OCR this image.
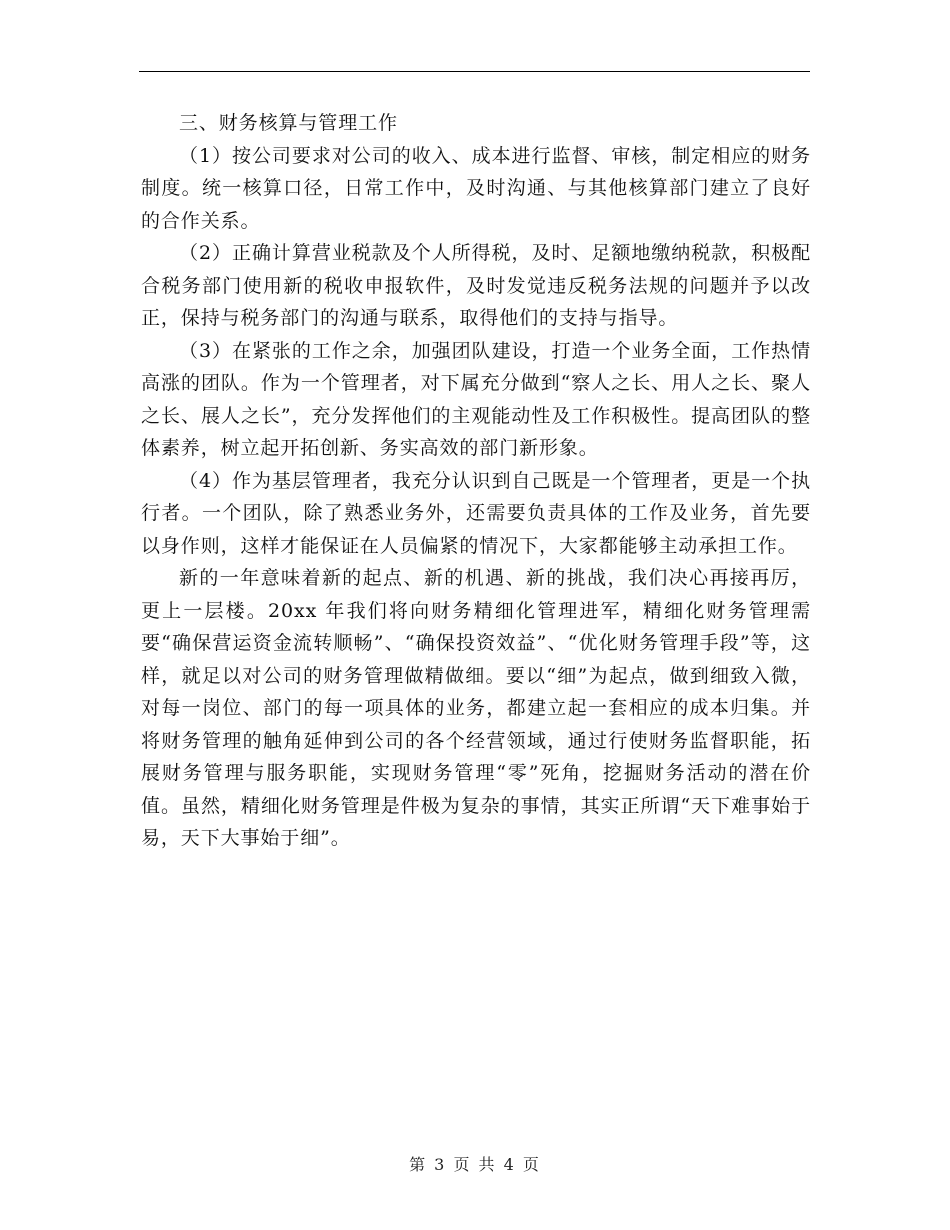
三、财务核算与管理工作

（1）按公司要求对公司的收入、成本进行监督、审核，制定相应的财务制度。统一核算口径，日常工作中，及时沟通、与其他核算部门建立了良好的合作关系。

（2）正确计算营业税款及个人所得税，及时、足额地缴纳税款，积极配合税务部门使用新的税收申报软件，及时发觉违反税务法规的问题并予以改正，保持与税务部门的沟通与联系，取得他们的支持与指导。

（3）在紧张的工作之余，加强团队建设，打造一个业务全面，工作热情高涨的团队。作为一个管理者，对下属充分做到“察人之长、用人之长、聚人之长、展人之长”，充分发挥他们的主观能动性及工作积极性。提高团队的整体素养，树立起开拓创新、务实高效的部门新形象。

（4）作为基层管理者，我充分认识到自己既是一个管理者，更是一个执行者。一个团队，除了熟悉业务外，还需要负责具体的工作及业务，首先要以身作则，这样才能保证在人员偏紧的情况下，大家都能够主动承担工作。

新的一年意味着新的起点、新的机遇、新的挑战，我们决心再接再厉，更上一层楼。20xx 年我们将向财务精细化管理进军，精细化财务管理需要“确保营运资金流转顺畅”、“确保投资效益”、“优化财务管理手段”等，这样，就足以对公司的财务管理做精做细。要以“细”为起点，做到细致入微，对每一岗位、部门的每一项具体的业务，都建立起一套相应的成本归集。并将财务管理的触角延伸到公司的各个经营领域，通过行使财务监督职能，拓展财务管理与服务职能，实现财务管理“零”死角，挖掘财务活动的潜在价值。虽然，精细化财务管理是件极为复杂的事情，其实正所谓“天下难事始于易，天下大事始于细”。

第 3 页 共 4 页
